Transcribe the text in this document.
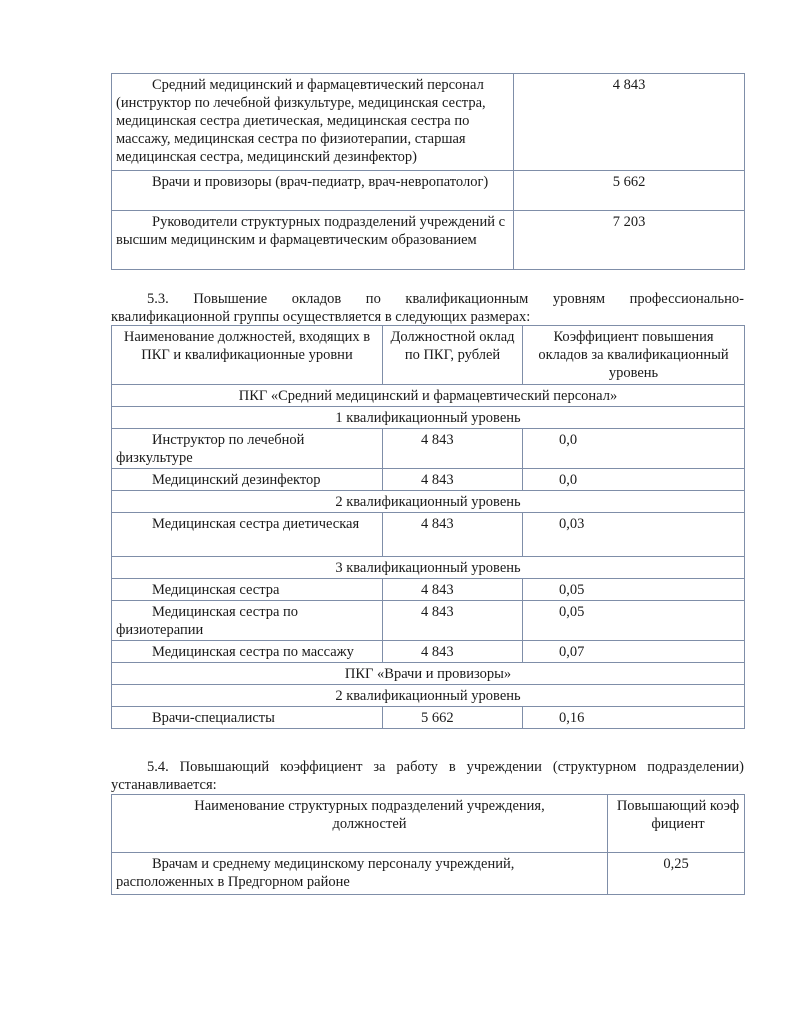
Средний медицинский и фармацевтический персонал (инструктор по лечебной физкультуре, медицинская сестра, медицинская сестра диетическая, медицинская сестра по массажу, медицинская сестра по физиотерапии, старшая медицинская сестра, медицинский дезинфектор)	4 843
Врачи и провизоры (врач-педиатр, врач-невропатолог)	5 662
Руководители структурных подразделений учреждений с высшим медицинским и фармацевтическим образованием	7 203
5.3. Повышение окладов по квалификационным уровням профессионально-
квалификационной группы осуществляется в следующих размерах:
Наименование должностей, входящих в ПКГ и квалификационные уровни	Должностной оклад по ПКГ, рублей	Коэффициент повышения окладов за квалификационный уровень
ПКГ «Средний медицинский и фармацевтический персонал»		
1 квалификационный уровень		
Инструктор по лечебной физкультуре	4 843	0,0
Медицинский дезинфектор	4 843	0,0
2 квалификационный уровень		
Медицинская сестра диетическая	4 843	0,03
3 квалификационный уровень		
Медицинская сестра	4 843	0,05
Медицинская сестра по физиотерапии	4 843	0,05
Медицинская сестра по массажу	4 843	0,07
ПКГ «Врачи и провизоры»		
2 квалификационный уровень		
Врачи-специалисты	5 662	0,16
5.4. Повышающий коэффициент за работу в учреждении (структурном подразделении) устанавливается:
Наименование структурных подразделений учреждения, должностей	Повышающий коэффициент
Врачам и среднему медицинскому персоналу учреждений, расположенных в Предгорном районе	0,25
